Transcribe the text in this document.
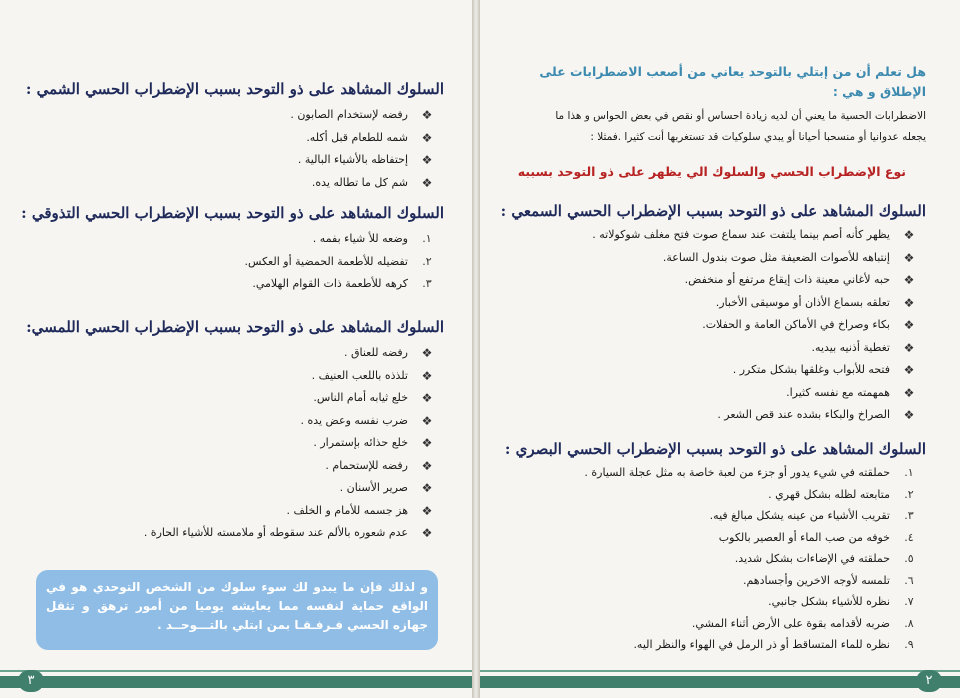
السلوك المشاهد على ذو التوحد بسبب الإضطراب الحسي الشمي :
❖
رفضه لإستخدام الصابون .
❖
شمه للطعام قبل أكله.
❖
إحتفاظه بالأشياء البالية .
❖
شم كل ما تطاله يده.
السلوك المشاهد على ذو التوحد بسبب الإضطراب الحسي التذوقي :
١.
وضعه للأ شياء بفمه .
٢.
تفضيله للأطعمة الحمضية أو العكس.
٣.
كرهه للأطعمة ذات القوام الهلامي.
السلوك المشاهد على ذو التوحد بسبب الإضطراب الحسي اللمسي:
❖
رفضه للعناق .
❖
تلذذه باللعب العنيف .
❖
خلع ثيابه أمام الناس.
❖
ضرب نفسه وعض يده .
❖
خلع حذائه بإستمرار .
❖
رفضه للإستحمام .
❖
صرير الأسنان .
❖
هز جسمه للأمام و الخلف .
❖
عدم شعوره بالألم عند سقوطه أو ملامسته للأشياء الحارة .
و لذلك فإن ما يبدو لك سوء سلوك من الشخص التوحدي هو في الواقع حماية لنفسه مما يعايشه يوميا من أمور ترهق و تثقل جهازه الحسي فـرفـقـا بمن ابتلي بالتـــوحــد .
٣
هل تعلم أن من إبتلي بالتوحد يعاني من أصعب الاضطرابات على الإطلاق و هي :
الاضطرابات الحسية ما يعني أن لديه زيادة احساس أو نقص في بعض الحواس و هذا ما
يجعله عدوانيا أو منسحبا أحيانا أو يبدي سلوكيات قد تستغربها أنت كثيرا .فمثلا :
نوع الإضطراب الحسي والسلوك الي يظهر على ذو التوحد بسببه
السلوك المشاهد على ذو التوحد بسبب الإضطراب الحسي السمعي :
❖
يظهر كأنه أصم بينما يلتفت عند سماع صوت فتح مغلف شوكولاته .
❖
إنتباهه للأصوات الضعيفة مثل صوت بندول الساعة.
❖
حبه لأغاني معينة ذات إيقاع مرتفع أو منخفض.
❖
تعلقه بسماع الأذان أو موسيقى الأخبار.
❖
بكاء وصراخ في الأماكن العامة و الحفلات.
❖
تغطية أذنيه بيديه.
❖
فتحه للأبواب وغلقها بشكل متكرر .
❖
همهمته مع نفسه كثيرا.
❖
الصراخ والبكاء بشده عند قص الشعر .
السلوك المشاهد على ذو التوحد بسبب الإضطراب الحسي البصري :
١.
حملقته في شيء يدور أو جزء من لعبة خاصة به مثل عجلة السيارة .
٢.
متابعته لظله بشكل قهري .
٣.
تقريب الأشياء من عينه يشكل مبالغ فيه.
٤.
خوفه من صب الماء أو العصير بالكوب
٥.
حملقته في الإضاءات بشكل شديد.
٦.
تلمسه لأوجه الاخرين وأجسادهم.
٧.
نظره للأشياء بشكل جانبي.
٨.
ضربه لأقدامه بقوة على الأرض أثناء المشي.
٩.
نظره للماء المتساقط أو ذر الرمل في الهواء والنظر اليه.
٢
